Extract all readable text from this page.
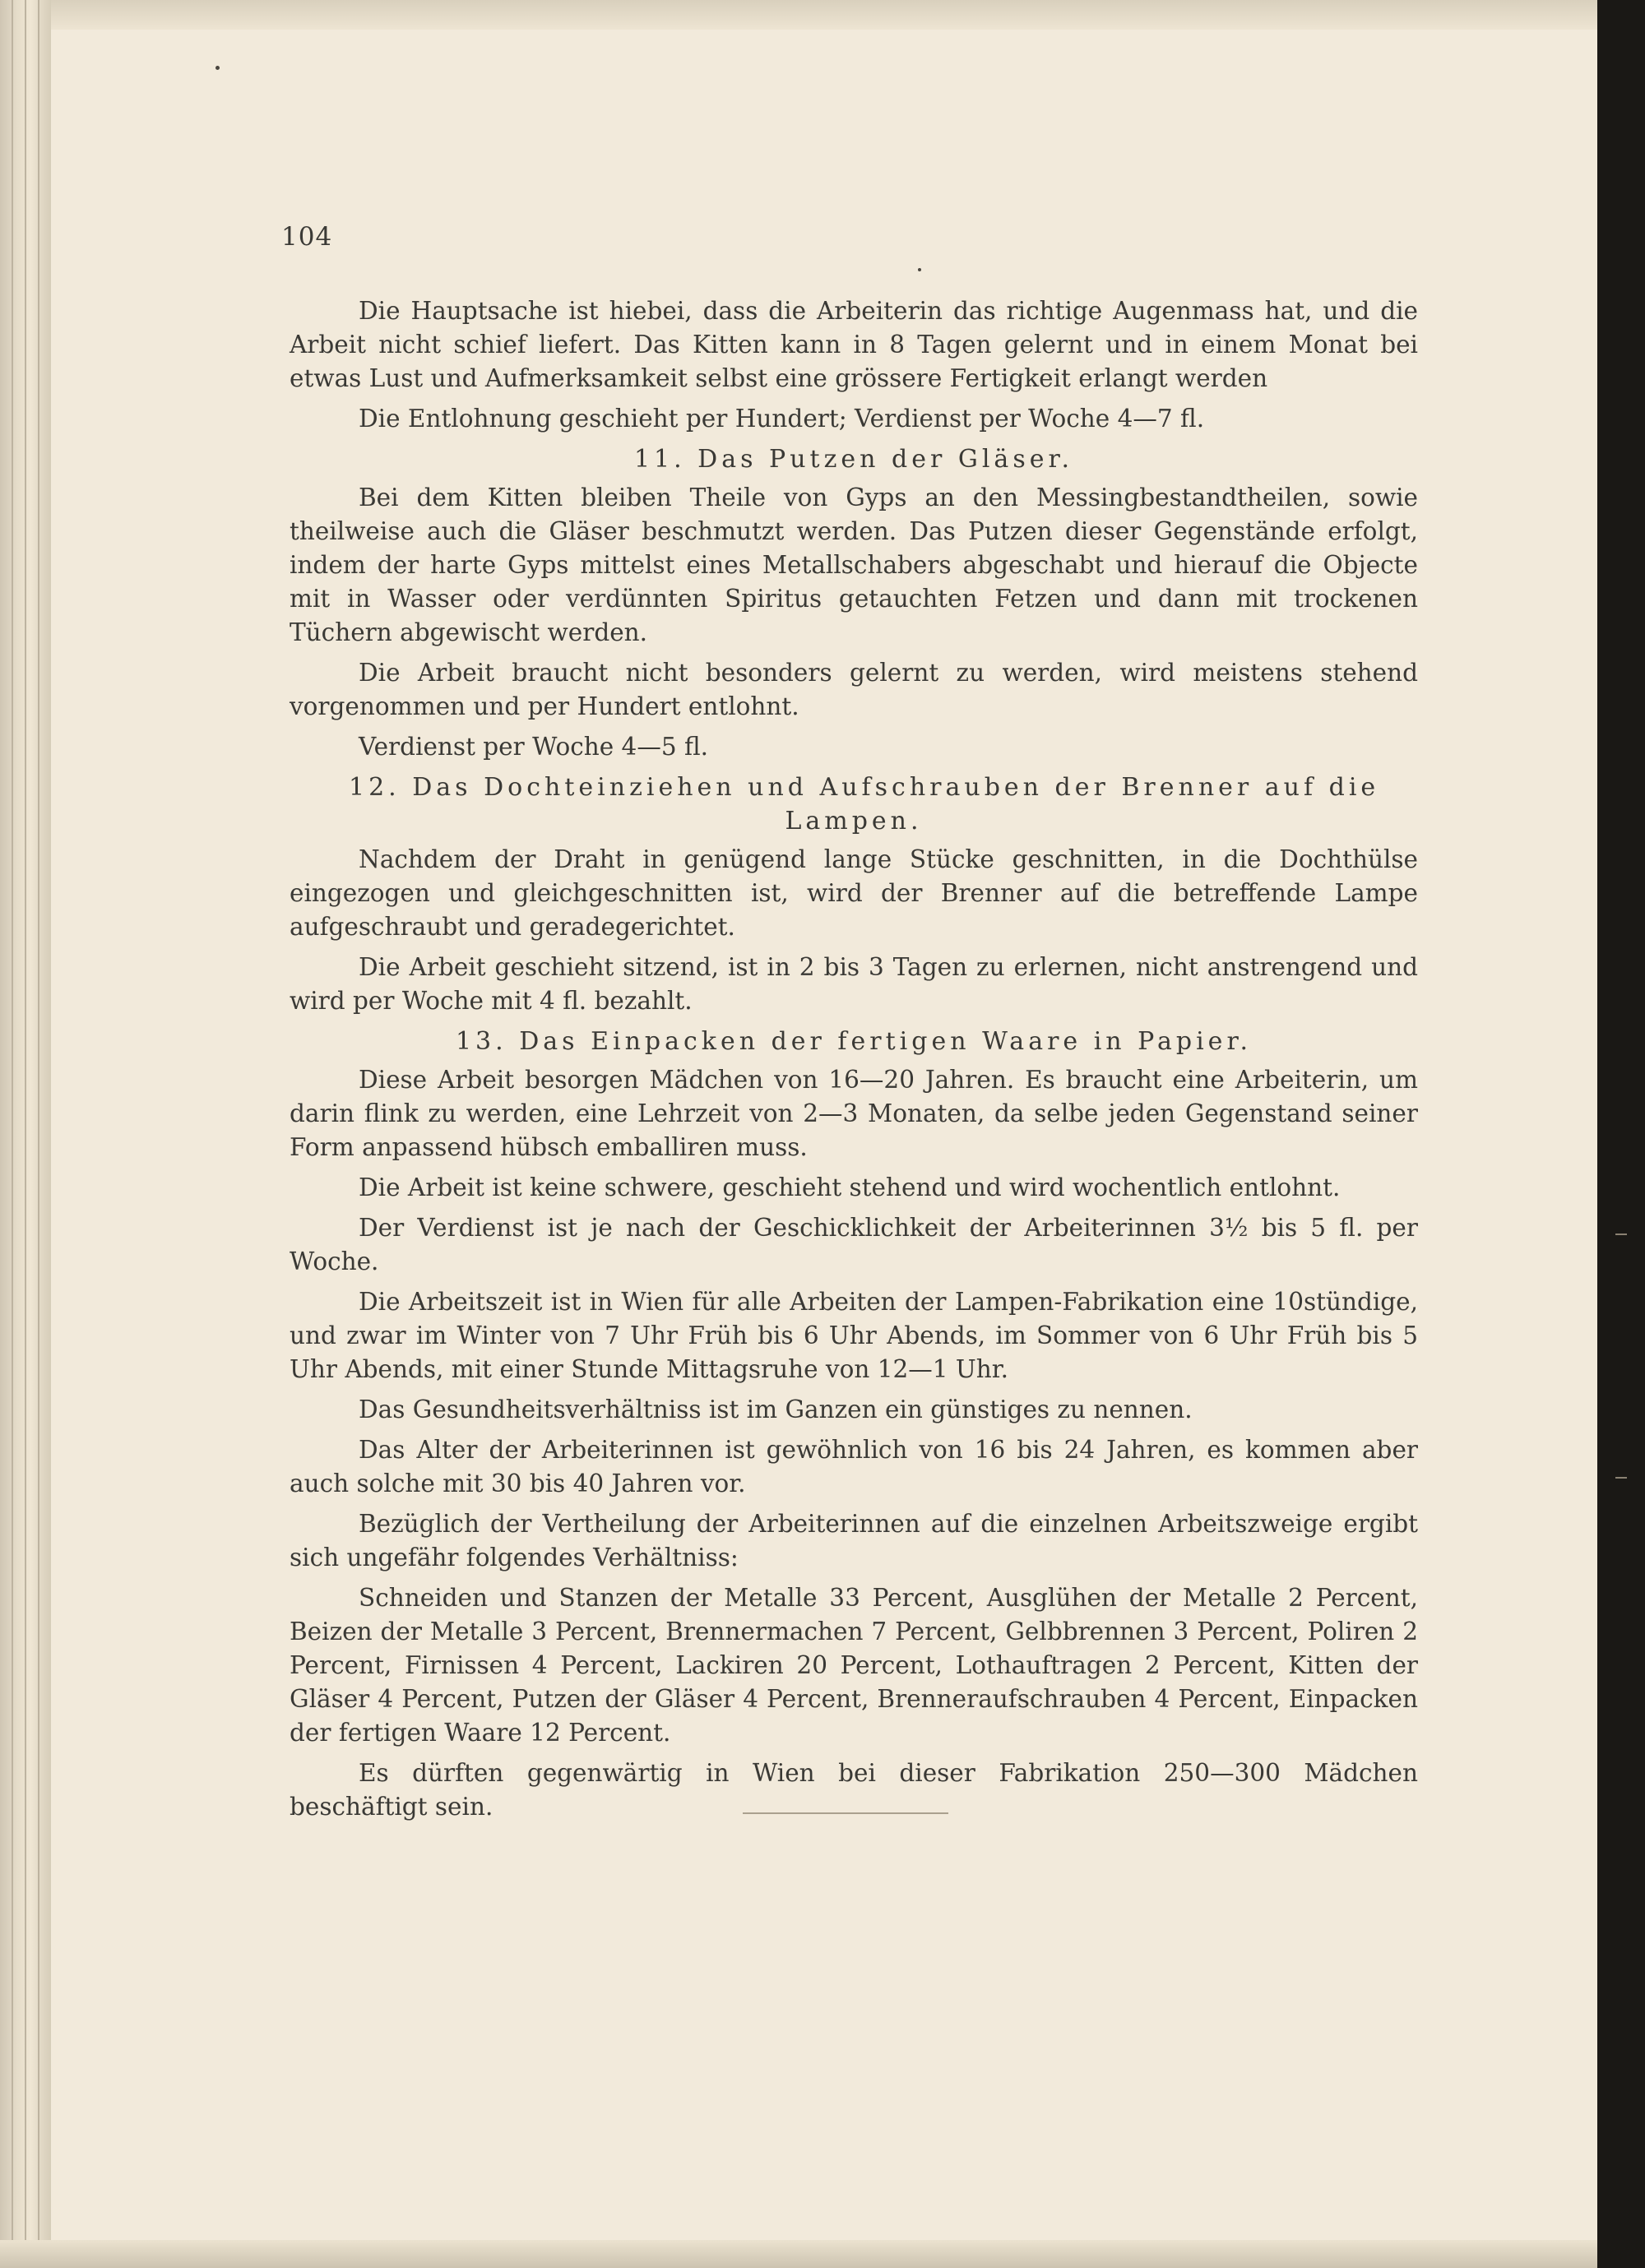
104

Die Hauptsache ist hiebei, dass die Arbeiterin das richtige Augenmass hat, und die Arbeit nicht schief liefert. Das Kitten kann in 8 Tagen gelernt und in einem Monat bei etwas Lust und Aufmerksamkeit selbst eine grössere Fertigkeit erlangt werden

Die Entlohnung geschieht per Hundert; Verdienst per Woche 4—7 fl.

11. Das Putzen der Gläser.

Bei dem Kitten bleiben Theile von Gyps an den Messingbestandtheilen, sowie theilweise auch die Gläser beschmutzt werden. Das Putzen dieser Gegenstände erfolgt, indem der harte Gyps mittelst eines Metallschabers abgeschabt und hierauf die Objecte mit in Wasser oder verdünnten Spiritus getauchten Fetzen und dann mit trockenen Tüchern abgewischt werden.

Die Arbeit braucht nicht besonders gelernt zu werden, wird meistens stehend vorgenommen und per Hundert entlohnt.

Verdienst per Woche 4—5 fl.

12. Das Dochteinziehen und Aufschrauben der Brenner auf die
Lampen.

Nachdem der Draht in genügend lange Stücke geschnitten, in die Dochthülse eingezogen und gleichgeschnitten ist, wird der Brenner auf die betreffende Lampe aufgeschraubt und geradegerichtet.

Die Arbeit geschieht sitzend, ist in 2 bis 3 Tagen zu erlernen, nicht anstrengend und wird per Woche mit 4 fl. bezahlt.

13. Das Einpacken der fertigen Waare in Papier.

Diese Arbeit besorgen Mädchen von 16—20 Jahren. Es braucht eine Arbeiterin, um darin flink zu werden, eine Lehrzeit von 2—3 Monaten, da selbe jeden Gegenstand seiner Form anpassend hübsch emballiren muss.

Die Arbeit ist keine schwere, geschieht stehend und wird wochentlich entlohnt.

Der Verdienst ist je nach der Geschicklichkeit der Arbeiterinnen 3½ bis 5 fl. per Woche.

Die Arbeitszeit ist in Wien für alle Arbeiten der Lampen-Fabrikation eine 10stündige, und zwar im Winter von 7 Uhr Früh bis 6 Uhr Abends, im Sommer von 6 Uhr Früh bis 5 Uhr Abends, mit einer Stunde Mittagsruhe von 12—1 Uhr.

Das Gesundheitsverhältniss ist im Ganzen ein günstiges zu nennen.

Das Alter der Arbeiterinnen ist gewöhnlich von 16 bis 24 Jahren, es kommen aber auch solche mit 30 bis 40 Jahren vor.

Bezüglich der Vertheilung der Arbeiterinnen auf die einzelnen Arbeitszweige ergibt sich ungefähr folgendes Verhältniss:

Schneiden und Stanzen der Metalle 33 Percent, Ausglühen der Metalle 2 Percent, Beizen der Metalle 3 Percent, Brennermachen 7 Percent, Gelbbrennen 3 Percent, Poliren 2 Percent, Firnissen 4 Percent, Lackiren 20 Percent, Lothauftragen 2 Percent, Kitten der Gläser 4 Percent, Putzen der Gläser 4 Percent, Brenneraufschrauben 4 Percent, Einpacken der fertigen Waare 12 Percent.

Es dürften gegenwärtig in Wien bei dieser Fabrikation 250—300 Mädchen beschäftigt sein.
